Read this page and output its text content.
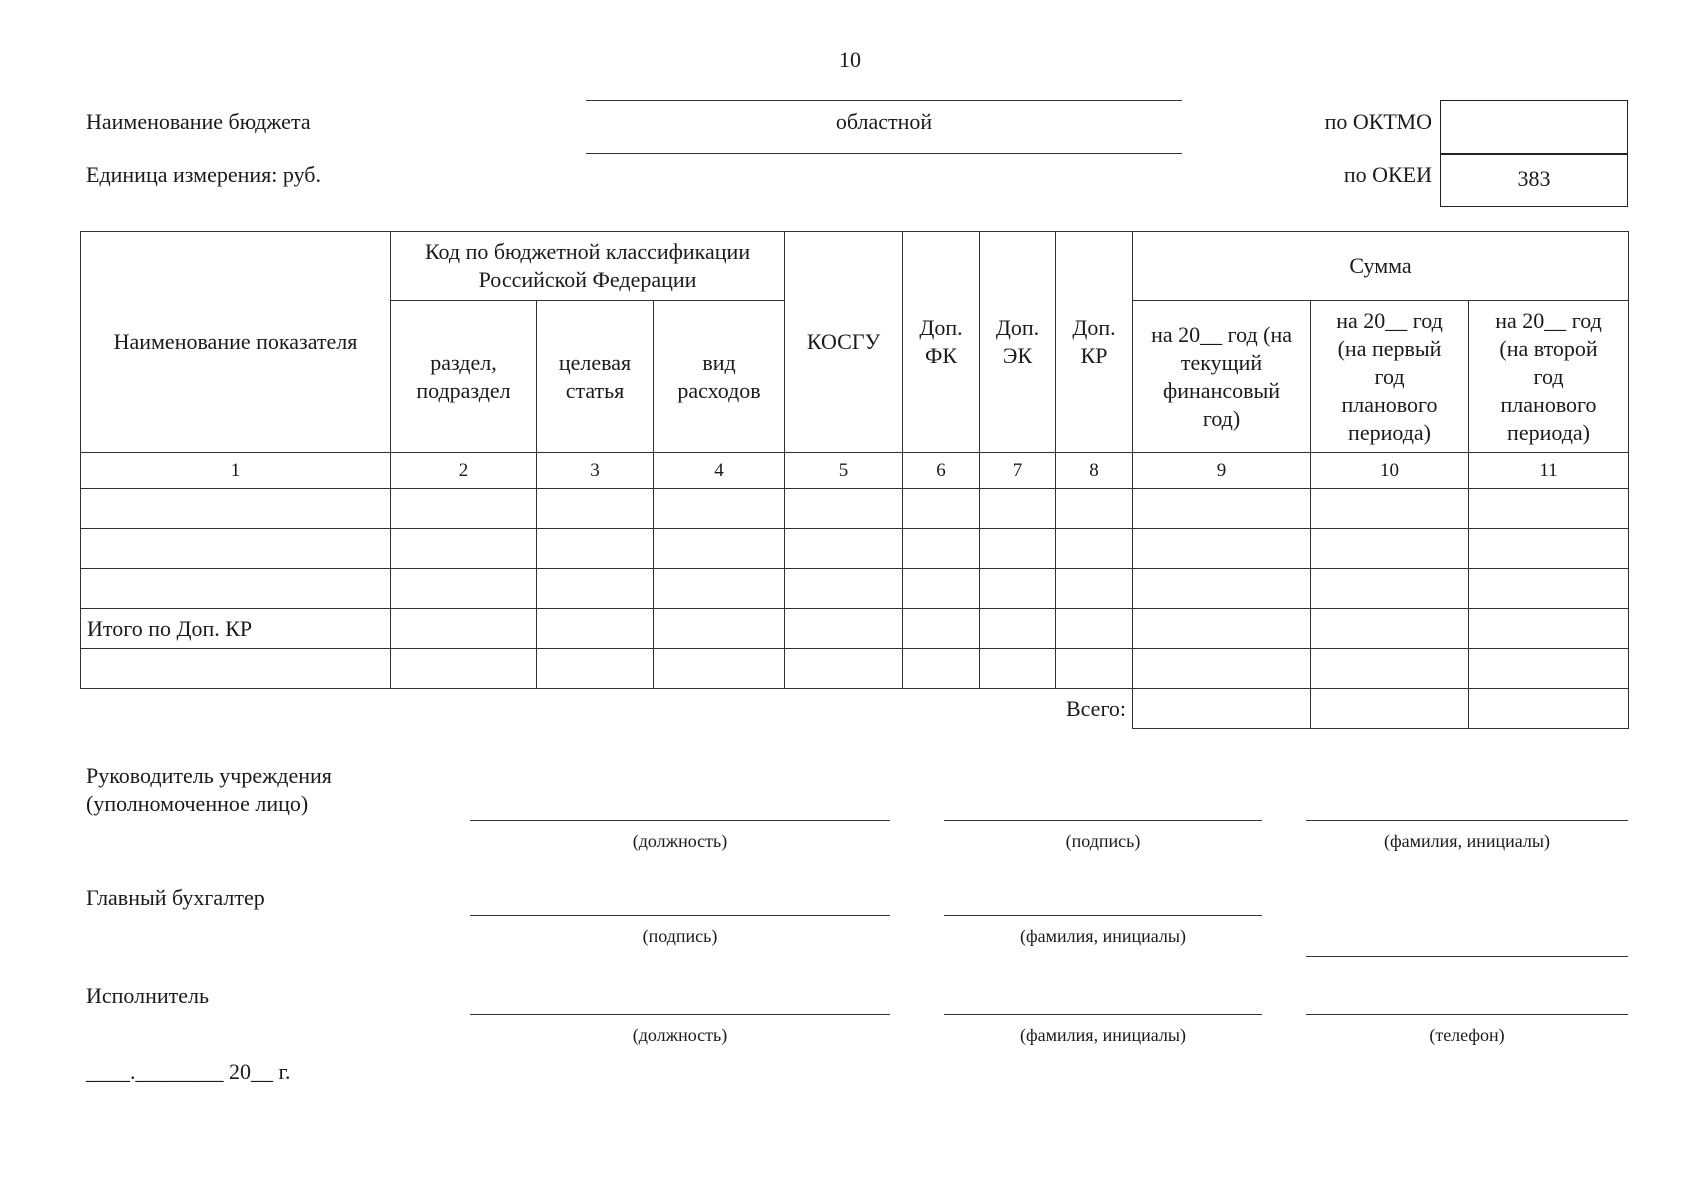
10
Наименование бюджета	областной
Единица измерения: руб.
по ОКТМО
по ОКЕИ	383
Наименование показателя	Код по бюджетной классификации Российской Федерации			КОСГУ	Доп. ФК	Доп. ЭК	Доп. КР	Сумма		
	раздел, подраздел	целевая статья	вид расходов					на 20__ год (на текущий финансовый год)	на 20__ год (на первый год планового периода)	на 20__ год (на второй год планового периода)
1	2	3	4	5	6	7	8	9	10	11

Итого по Доп. КР										

Всего:										
Руководитель учреждения (уполномоченное лицо)
(должность)	(подпись)	(фамилия, инициалы)
Главный бухгалтер
(подпись)	(фамилия, инициалы)
Исполнитель
(должность)	(фамилия, инициалы)	(телефон)
____.________ 20__ г.
